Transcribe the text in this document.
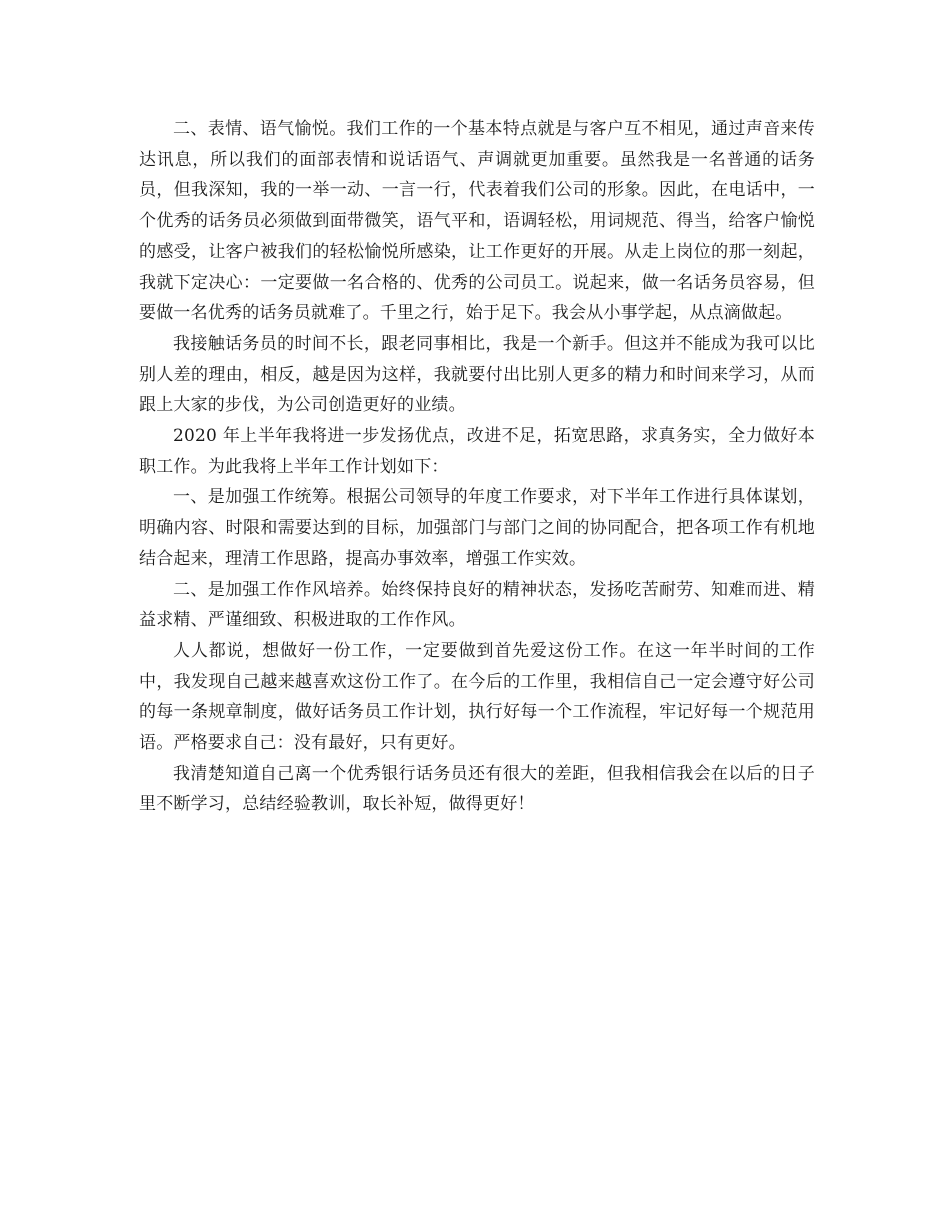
二、表情、语气愉悦。我们工作的一个基本特点就是与客户互不相见，通过声音来传达讯息，所以我们的面部表情和说话语气、声调就更加重要。虽然我是一名普通的话务员，但我深知，我的一举一动、一言一行，代表着我们公司的形象。因此，在电话中，一个优秀的话务员必须做到面带微笑，语气平和，语调轻松，用词规范、得当，给客户愉悦的感受，让客户被我们的轻松愉悦所感染，让工作更好的开展。从走上岗位的那一刻起，我就下定决心：一定要做一名合格的、优秀的公司员工。说起来，做一名话务员容易，但要做一名优秀的话务员就难了。千里之行，始于足下。我会从小事学起，从点滴做起。

我接触话务员的时间不长，跟老同事相比，我是一个新手。但这并不能成为我可以比别人差的理由，相反，越是因为这样，我就要付出比别人更多的精力和时间来学习，从而跟上大家的步伐，为公司创造更好的业绩。

2020 年上半年我将进一步发扬优点，改进不足，拓宽思路，求真务实，全力做好本职工作。为此我将上半年工作计划如下：

一、是加强工作统筹。根据公司领导的年度工作要求，对下半年工作进行具体谋划，明确内容、时限和需要达到的目标，加强部门与部门之间的协同配合，把各项工作有机地结合起来，理清工作思路，提高办事效率，增强工作实效。

二、是加强工作作风培养。始终保持良好的精神状态，发扬吃苦耐劳、知难而进、精益求精、严谨细致、积极进取的工作作风。

人人都说，想做好一份工作，一定要做到首先爱这份工作。在这一年半时间的工作中，我发现自己越来越喜欢这份工作了。在今后的工作里，我相信自己一定会遵守好公司的每一条规章制度，做好话务员工作计划，执行好每一个工作流程，牢记好每一个规范用语。严格要求自己：没有最好，只有更好。

我清楚知道自己离一个优秀银行话务员还有很大的差距，但我相信我会在以后的日子里不断学习，总结经验教训，取长补短，做得更好！
